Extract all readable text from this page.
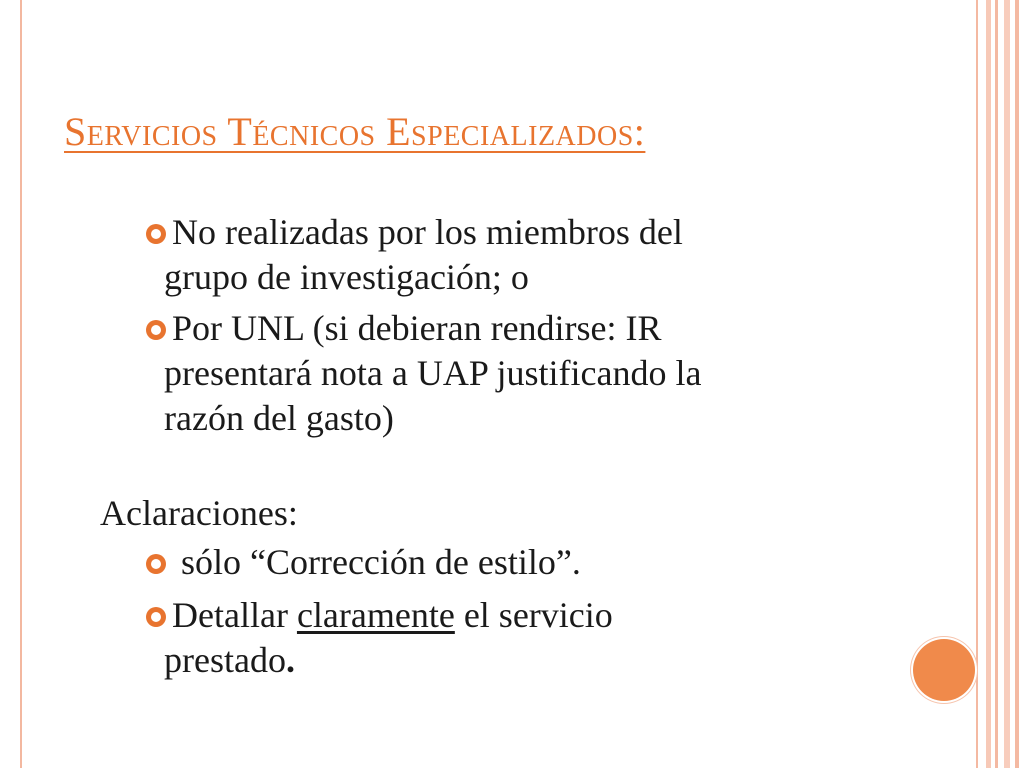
Servicios Técnicos Especializados:
No realizadas por los miembros del
grupo de investigación; o
Por UNL (si debieran rendirse: IR
presentará nota a UAP justificando la
razón del gasto)

Aclaraciones:

sólo “Corrección de estilo”.
Detallar claramente el servicio
prestado.
